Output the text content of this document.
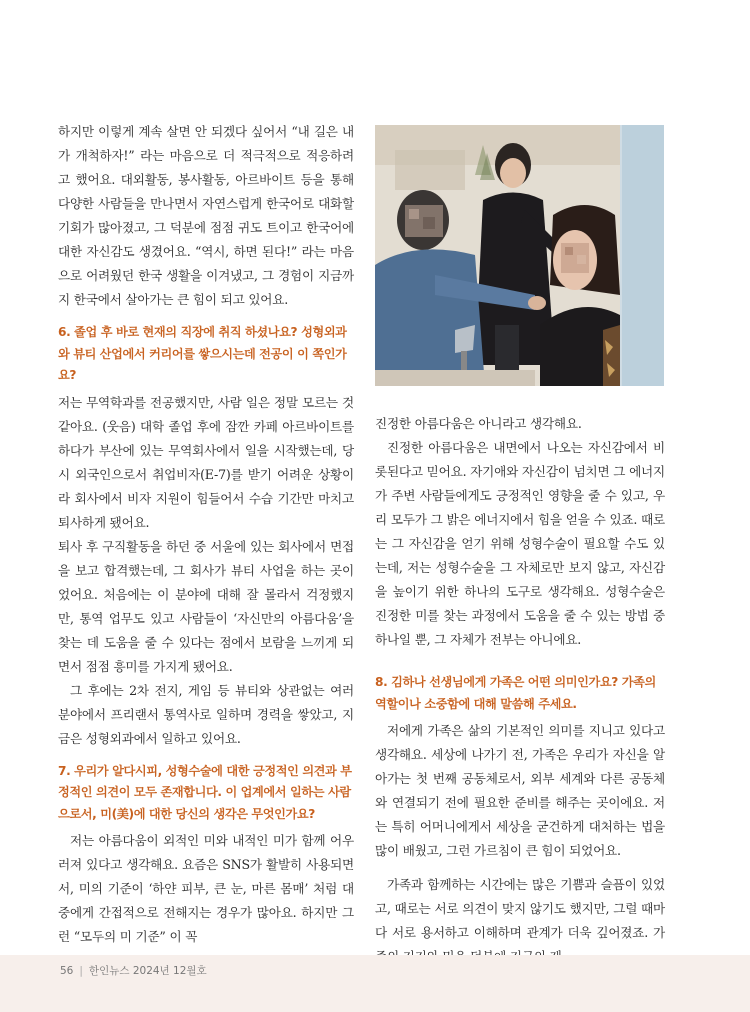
하지만 이렇게 계속 살면 안 되겠다 싶어서 “내 길은 내가 개척하자!” 라는 마음으로 더 적극적으로 적응하려고 했어요. 대외활동, 봉사활동, 아르바이트 등을 통해 다양한 사람들을 만나면서 자연스럽게 한국어로 대화할 기회가 많아졌고, 그 덕분에 점점 귀도 트이고 한국어에 대한 자신감도 생겼어요. “역시, 하면 된다!” 라는 마음으로 어려웠던 한국 생활을 이겨냈고, 그 경험이 지금까지 한국에서 살아가는 큰 힘이 되고 있어요.

6. 졸업 후 바로 현재의 직장에 취직 하셨나요? 성형외과와 뷰티 산업에서 커리어를 쌓으시는데 전공이 이 쪽인가요?

저는 무역학과를 전공했지만, 사람 일은 정말 모르는 것 같아요. (웃음) 대학 졸업 후에 잠깐 카페 아르바이트를 하다가 부산에 있는 무역회사에서 일을 시작했는데, 당시 외국인으로서 취업비자(E-7)를 받기 어려운 상황이라 회사에서 비자 지원이 힘들어서 수습 기간만 마치고 퇴사하게 됐어요.

퇴사 후 구직활동을 하던 중 서울에 있는 회사에서 면접을 보고 합격했는데, 그 회사가 뷰티 사업을 하는 곳이었어요. 처음에는 이 분야에 대해 잘 몰라서 걱정했지만, 통역 업무도 있고 사람들이 ‘자신만의 아름다움’을 찾는 데 도움을 줄 수 있다는 점에서 보람을 느끼게 되면서 점점 흥미를 가지게 됐어요.

그 후에는 2차 전지, 게임 등 뷰티와 상관없는 여러 분야에서 프리랜서 통역사로 일하며 경력을 쌓았고, 지금은 성형외과에서 일하고 있어요.

7. 우리가 알다시피, 성형수술에 대한 긍정적인 의견과 부정적인 의견이 모두 존재합니다. 이 업계에서 일하는 사람으로서, 미(美)에 대한 당신의 생각은 무엇인가요?

저는 아름다움이 외적인 미와 내적인 미가 함께 어우러져 있다고 생각해요. 요즘은 SNS가 활발히 사용되면서, 미의 기준이 ‘하얀 피부, 큰 눈, 마른 몸매’ 처럼 대중에게 간접적으로 전해지는 경우가 많아요. 하지만 그런 “모두의 미 기준” 이 꼭

진정한 아름다움은 아니라고 생각해요.

진정한 아름다움은 내면에서 나오는 자신감에서 비롯된다고 믿어요. 자기애와 자신감이 넘치면 그 에너지가 주변 사람들에게도 긍정적인 영향을 줄 수 있고, 우리 모두가 그 밝은 에너지에서 힘을 얻을 수 있죠. 때로는 그 자신감을 얻기 위해 성형수술이 필요할 수도 있는데, 저는 성형수술을 그 자체로만 보지 않고, 자신감을 높이기 위한 하나의 도구로 생각해요. 성형수술은 진정한 미를 찾는 과정에서 도움을 줄 수 있는 방법 중 하나일 뿐, 그 자체가 전부는 아니에요.

8. 김하나 선생님에게 가족은 어떤 의미인가요? 가족의 역할이나 소중함에 대해 말씀해 주세요.

저에게 가족은 삶의 기본적인 의미를 지니고 있다고 생각해요. 세상에 나가기 전, 가족은 우리가 자신을 알아가는 첫 번째 공동체로서, 외부 세계와 다른 공동체와 연결되기 전에 필요한 준비를 해주는 곳이에요. 저는 특히 어머니에게서 세상을 굳건하게 대처하는 법을 많이 배웠고, 그런 가르침이 큰 힘이 되었어요.

가족과 함께하는 시간에는 많은 기쁨과 슬픔이 있었고, 때로는 서로 의견이 맞지 않기도 했지만, 그럴 때마다 서로 용서하고 이해하며 관계가 더욱 깊어졌죠. 가

56 | 한인뉴스 2024년 12월호
